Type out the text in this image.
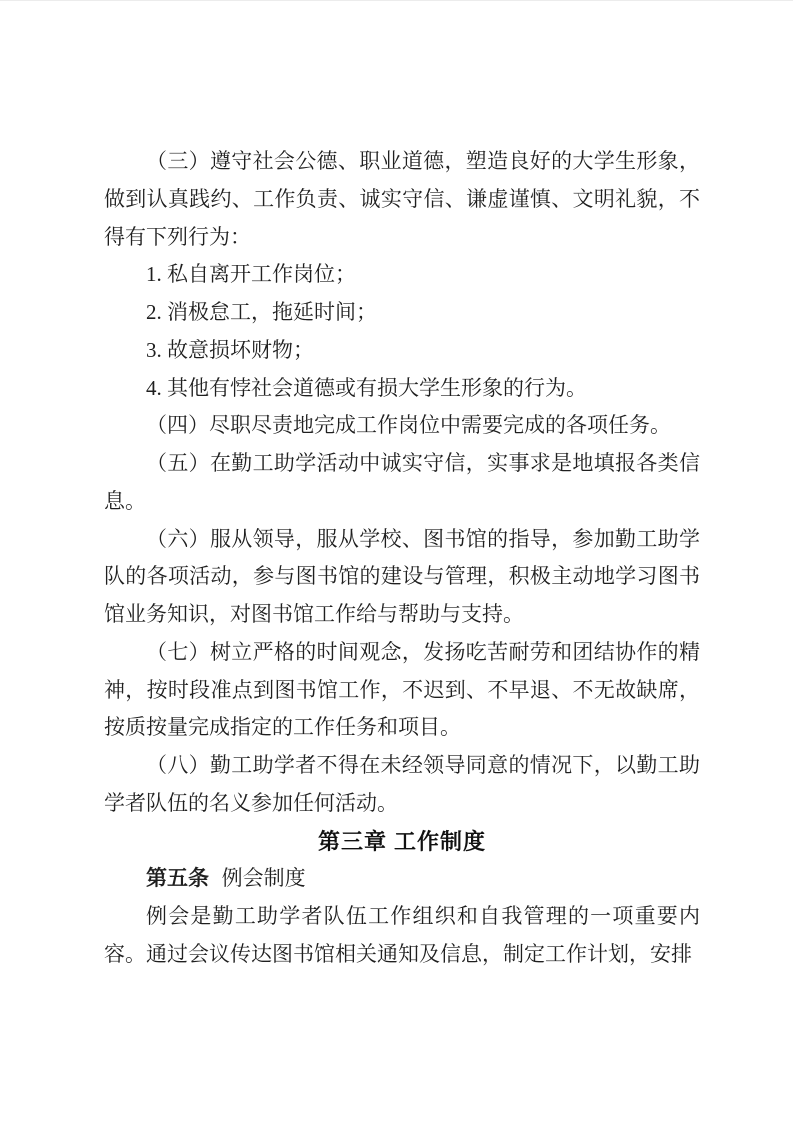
（三）遵守社会公德、职业道德，塑造良好的大学生形象，做到认真践约、工作负责、诚实守信、谦虚谨慎、文明礼貌，不得有下列行为：

1. 私自离开工作岗位；

2. 消极怠工，拖延时间；

3. 故意损坏财物；

4. 其他有悖社会道德或有损大学生形象的行为。

（四）尽职尽责地完成工作岗位中需要完成的各项任务。

（五）在勤工助学活动中诚实守信，实事求是地填报各类信息。

（六）服从领导，服从学校、图书馆的指导，参加勤工助学队的各项活动，参与图书馆的建设与管理，积极主动地学习图书馆业务知识，对图书馆工作给与帮助与支持。

（七）树立严格的时间观念，发扬吃苦耐劳和团结协作的精神，按时段准点到图书馆工作，不迟到、不早退、不无故缺席，按质按量完成指定的工作任务和项目。

（八）勤工助学者不得在未经领导同意的情况下，以勤工助学者队伍的名义参加任何活动。

第三章 工作制度

第五条 例会制度

例会是勤工助学者队伍工作组织和自我管理的一项重要内容。通过会议传达图书馆相关通知及信息，制定工作计划，安排
